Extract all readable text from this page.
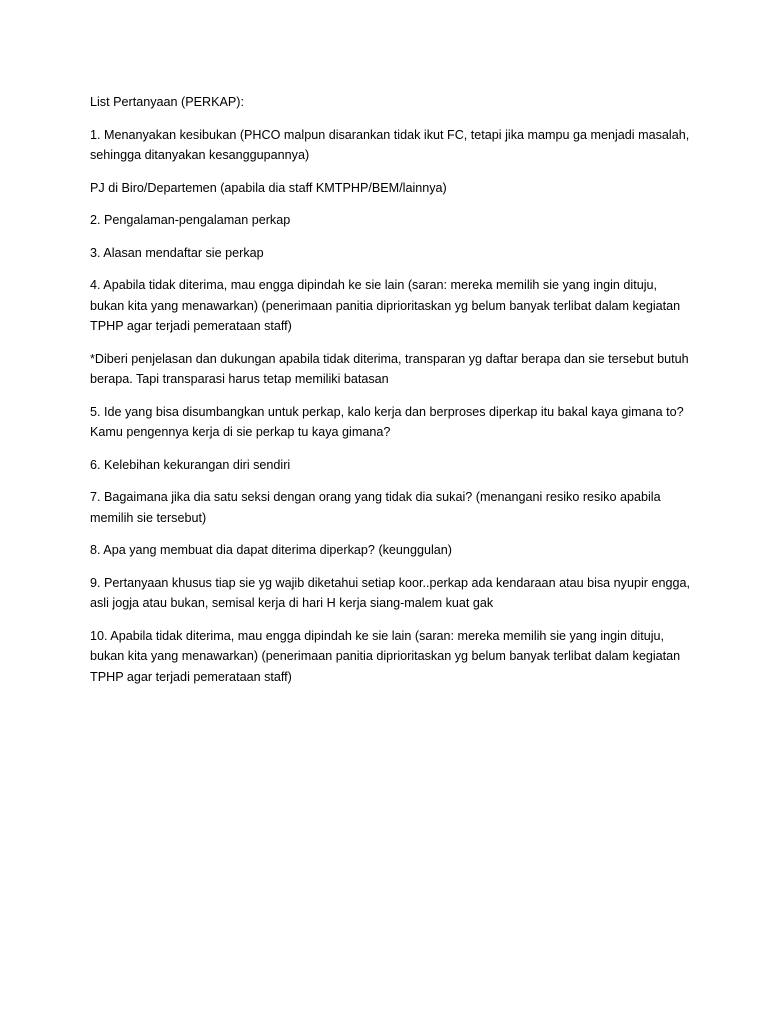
List Pertanyaan (PERKAP):

1. Menanyakan kesibukan (PHCO malpun disarankan tidak ikut FC, tetapi jika mampu ga menjadi masalah, sehingga ditanyakan kesanggupannya)

PJ di Biro/Departemen (apabila dia staff KMTPHP/BEM/lainnya)

2. Pengalaman-pengalaman perkap

3. Alasan mendaftar sie perkap

4. Apabila tidak diterima, mau engga dipindah ke sie lain (saran: mereka memilih sie yang ingin dituju, bukan kita yang menawarkan) (penerimaan panitia diprioritaskan yg belum banyak terlibat dalam kegiatan TPHP agar terjadi pemerataan staff)

*Diberi penjelasan dan dukungan apabila tidak diterima, transparan yg daftar berapa dan sie tersebut butuh berapa. Tapi transparasi harus tetap memiliki batasan

5. Ide yang bisa disumbangkan untuk perkap, kalo kerja dan berproses diperkap itu bakal kaya gimana to? Kamu pengennya kerja di sie perkap tu kaya gimana?

6. Kelebihan kekurangan diri sendiri

7. Bagaimana jika dia satu seksi dengan orang yang tidak dia sukai? (menangani resiko resiko apabila memilih sie tersebut)

8. Apa yang membuat dia dapat diterima diperkap? (keunggulan)

9. Pertanyaan khusus tiap sie yg wajib diketahui setiap koor..perkap ada kendaraan atau bisa nyupir engga, asli jogja atau bukan, semisal kerja di hari H kerja siang-malem kuat gak

10. Apabila tidak diterima, mau engga dipindah ke sie lain (saran: mereka memilih sie yang ingin dituju, bukan kita yang menawarkan) (penerimaan panitia diprioritaskan yg belum banyak terlibat dalam kegiatan TPHP agar terjadi pemerataan staff)
